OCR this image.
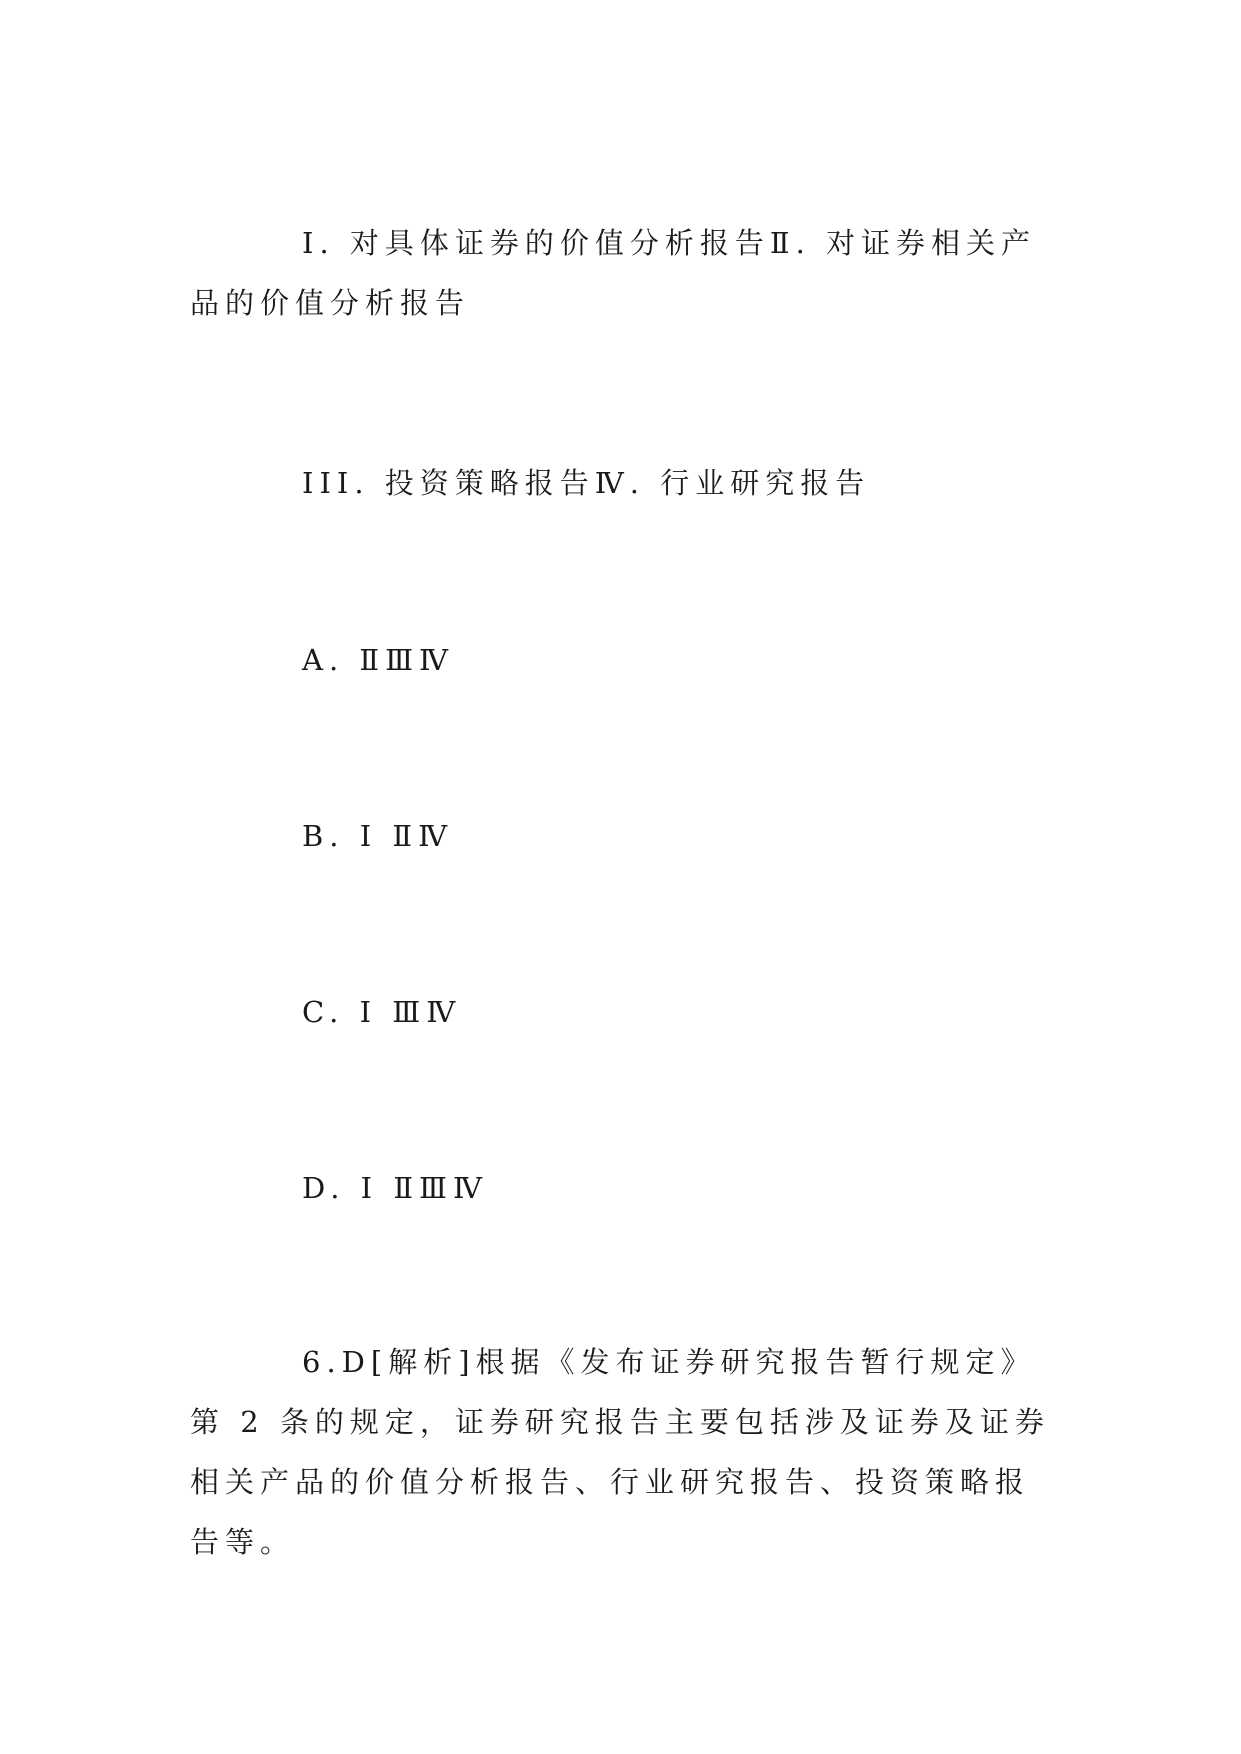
Ⅰ. 对具体证券的价值分析报告Ⅱ. 对证券相关产品的价值分析报告

III. 投资策略报告Ⅳ. 行业研究报告

A. ⅡⅢⅣ

B. Ⅰ ⅡⅣ

C. Ⅰ ⅢⅣ

D. Ⅰ ⅡⅢⅣ

6.D[解析]根据《发布证券研究报告暂行规定》第 2 条的规定，证券研究报告主要包括涉及证券及证券相关产品的价值分析报告、行业研究报告、投资策略报告等。
